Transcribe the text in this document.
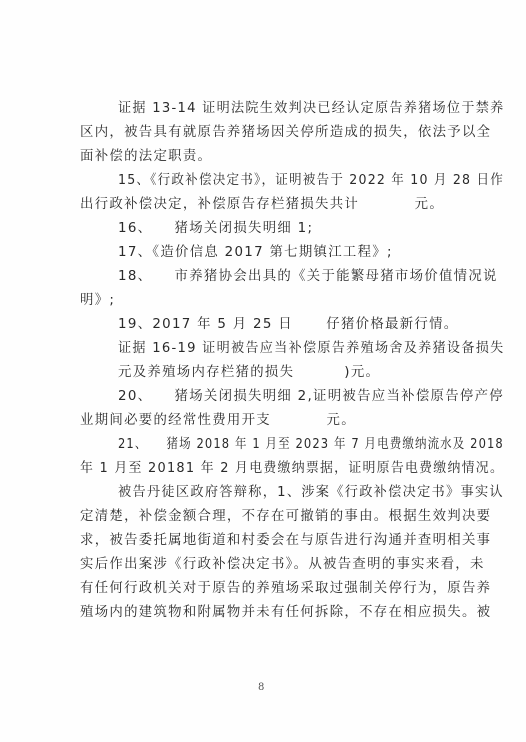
证据 13-14 证明法院生效判决已经认定原告养猪场位于禁养
区内，被告具有就原告养猪场因关停所造成的损失，依法予以全
面补偿的法定职责。
15、《行政补偿决定书》，证明被告于 2022 年 10 月 28 日作
出行政补偿决定，补偿原告存栏猪损失共计          元。
16、    猪场关闭损失明细 1;
17、《造价信息 2017 第七期镇江工程》;
18、    市养猪协会出具的《关于能繁母猪市场价值情况说
明》;
19、2017 年 5 月 25 日      仔猪价格最新行情。
证据 16-19 证明被告应当补偿原告养殖场舍及养猪设备损失
元及养殖场内存栏猪的损失         )元。
20、    猪场关闭损失明细 2,证明被告应当补偿原告停产停
业期间必要的经常性费用开支          元。
21、    猪场 2018 年 1 月至 2023 年 7 月电费缴纳流水及 2018
年 1 月至 20181 年 2 月电费缴纳票据，证明原告电费缴纳情况。
被告丹徒区政府答辩称，1、涉案《行政补偿决定书》事实认
定清楚，补偿金额合理，不存在可撤销的事由。根据生效判决要
求，被告委托属地街道和村委会在与原告进行沟通并查明相关事
实后作出案涉《行政补偿决定书》。从被告查明的事实来看，未
有任何行政机关对于原告的养殖场采取过强制关停行为，原告养
殖场内的建筑物和附属物并未有任何拆除，不存在相应损失。被
8
